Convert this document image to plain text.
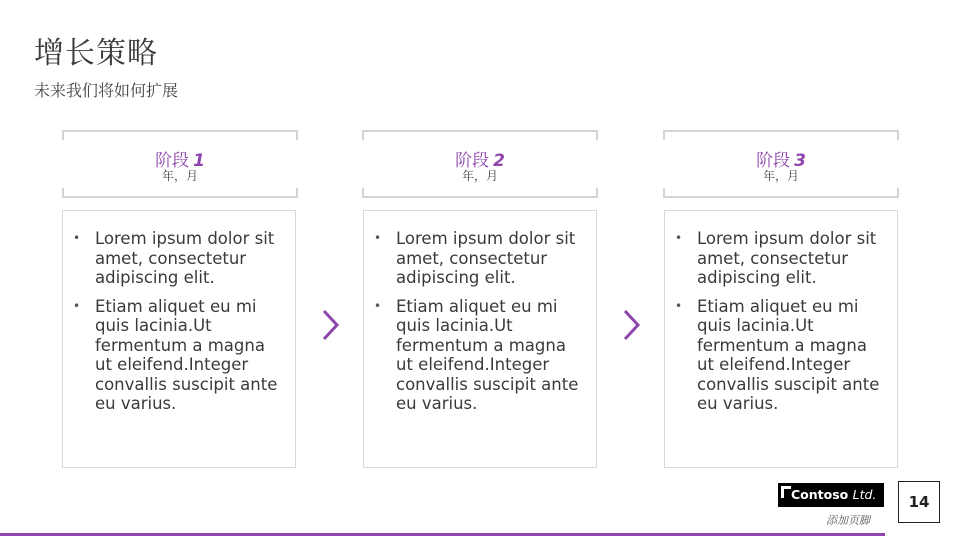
增长策略
未来我们将如何扩展
阶段 1
年，月
• Lorem ipsum dolor sit amet, consectetur adipiscing elit.
• Etiam aliquet eu mi quis lacinia.Ut fermentum a magna ut eleifend.Integer convallis suscipit ante eu varius.
阶段 2
年，月
• Lorem ipsum dolor sit amet, consectetur adipiscing elit.
• Etiam aliquet eu mi quis lacinia.Ut fermentum a magna ut eleifend.Integer convallis suscipit ante eu varius.
阶段 3
年，月
• Lorem ipsum dolor sit amet, consectetur adipiscing elit.
• Etiam aliquet eu mi quis lacinia.Ut fermentum a magna ut eleifend.Integer convallis suscipit ante eu varius.
Contoso Ltd.
添加页脚
14
